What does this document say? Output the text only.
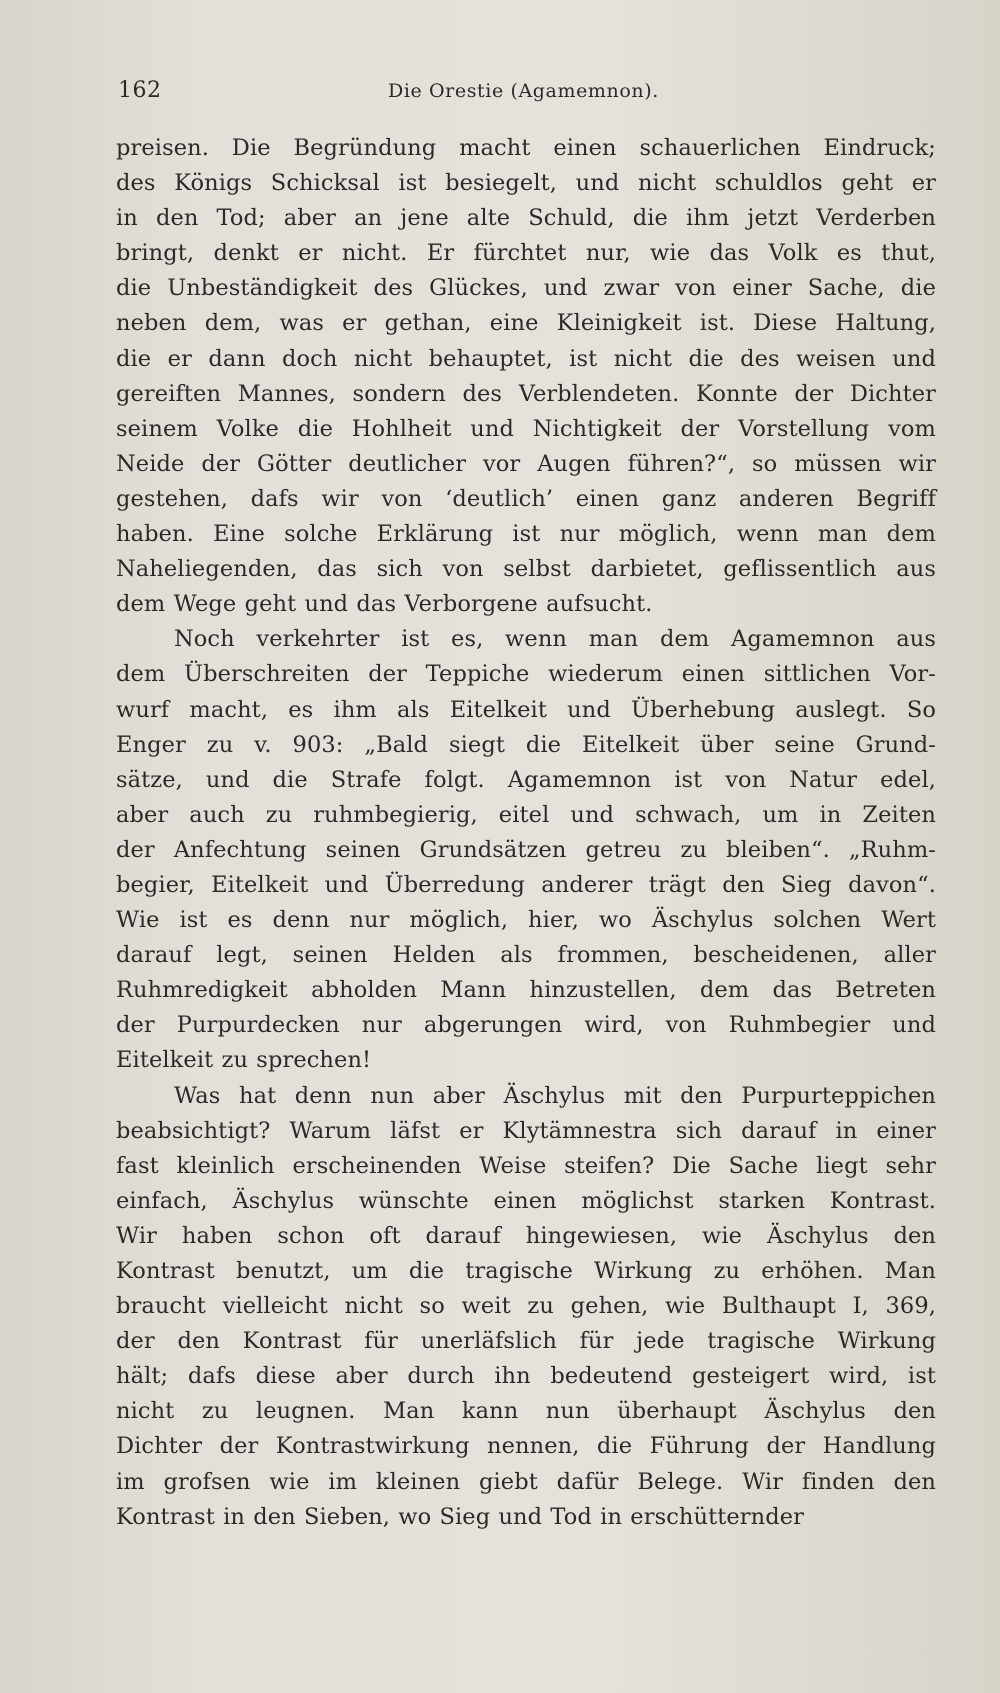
162	Die Orestie (Agamemnon).
preisen. Die Begründung macht einen schauerlichen Eindruck;
des Königs Schicksal ist besiegelt, und nicht schuldlos geht er
in den Tod; aber an jene alte Schuld, die ihm jetzt Verderben
bringt, denkt er nicht. Er fürchtet nur, wie das Volk es thut,
die Unbeständigkeit des Glückes, und zwar von einer Sache, die
neben dem, was er gethan, eine Kleinigkeit ist. Diese Haltung,
die er dann doch nicht behauptet, ist nicht die des weisen und
gereiften Mannes, sondern des Verblendeten. Konnte der Dichter
seinem Volke die Hohlheit und Nichtigkeit der Vorstellung vom
Neide der Götter deutlicher vor Augen führen?“, so müssen wir
gestehen, dafs wir von ‘deutlich’ einen ganz anderen Begriff
haben. Eine solche Erklärung ist nur möglich, wenn man dem
Naheliegenden, das sich von selbst darbietet, geflissentlich aus
dem Wege geht und das Verborgene aufsucht.
Noch verkehrter ist es, wenn man dem Agamemnon aus
dem Überschreiten der Teppiche wiederum einen sittlichen Vor-
wurf macht, es ihm als Eitelkeit und Überhebung auslegt. So
Enger zu v. 903: „Bald siegt die Eitelkeit über seine Grund-
sätze, und die Strafe folgt. Agamemnon ist von Natur edel,
aber auch zu ruhmbegierig, eitel und schwach, um in Zeiten
der Anfechtung seinen Grundsätzen getreu zu bleiben“. „Ruhm-
begier, Eitelkeit und Überredung anderer trägt den Sieg davon“.
Wie ist es denn nur möglich, hier, wo Äschylus solchen Wert
darauf legt, seinen Helden als frommen, bescheidenen, aller
Ruhmredigkeit abholden Mann hinzustellen, dem das Betreten
der Purpurdecken nur abgerungen wird, von Ruhmbegier und
Eitelkeit zu sprechen!
Was hat denn nun aber Äschylus mit den Purpurteppichen
beabsichtigt? Warum läfst er Klytämnestra sich darauf in einer
fast kleinlich erscheinenden Weise steifen? Die Sache liegt sehr
einfach, Äschylus wünschte einen möglichst starken Kontrast.
Wir haben schon oft darauf hingewiesen, wie Äschylus den
Kontrast benutzt, um die tragische Wirkung zu erhöhen. Man
braucht vielleicht nicht so weit zu gehen, wie Bulthaupt I, 369,
der den Kontrast für unerläfslich für jede tragische Wirkung
hält; dafs diese aber durch ihn bedeutend gesteigert wird, ist
nicht zu leugnen. Man kann nun überhaupt Äschylus den
Dichter der Kontrastwirkung nennen, die Führung der Handlung
im grofsen wie im kleinen giebt dafür Belege. Wir finden den
Kontrast in den Sieben, wo Sieg und Tod in erschütternder
